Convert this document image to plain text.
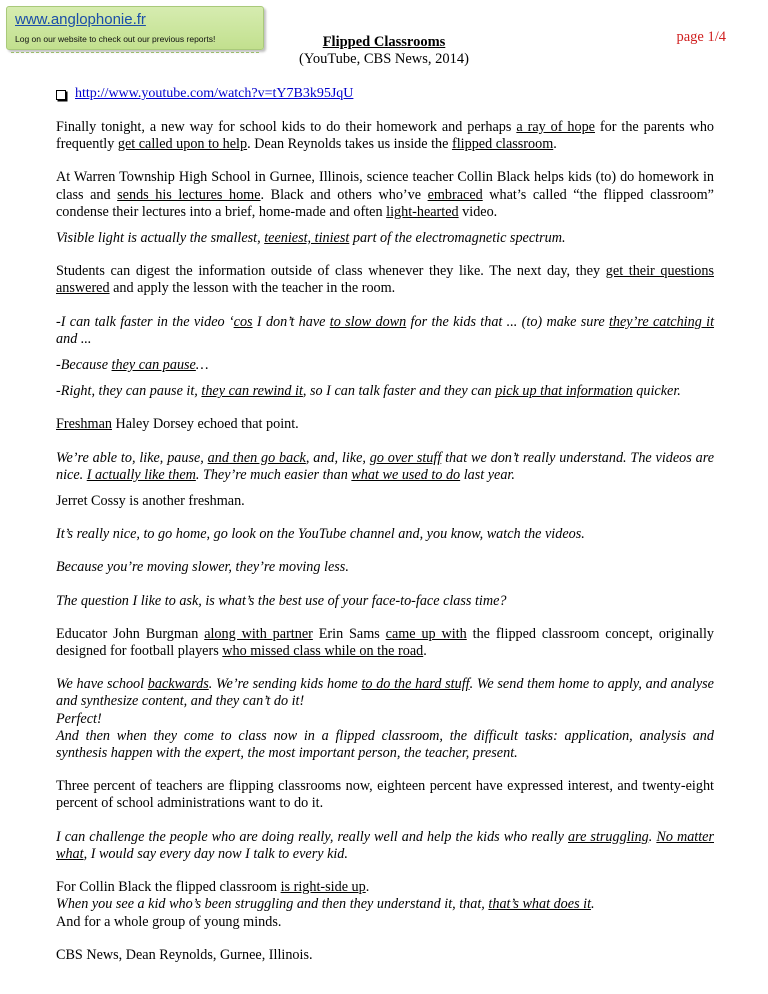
www.anglophonie.fr
Log on our website to check out our previous reports!	Flipped Classrooms
(YouTube, CBS News, 2014)
page 1/4
http://www.youtube.com/watch?v=tY7B3k95JqU

Finally tonight, a new way for school kids to do their homework and perhaps a ray of hope for the parents who frequently get called upon to help. Dean Reynolds takes us inside the flipped classroom.

At Warren Township High School in Gurnee, Illinois, science teacher Collin Black helps kids (to) do homework in class and sends his lectures home. Black and others who’ve embraced what’s called “the flipped classroom” condense their lectures into a brief, home-made and often light-hearted video.

Visible light is actually the smallest, teeniest, tiniest part of the electromagnetic spectrum.

Students can digest the information outside of class whenever they like. The next day, they get their questions answered and apply the lesson with the teacher in the room.

-I can talk faster in the video ‘cos I don’t have to slow down for the kids that ... (to) make sure they’re catching it and ...

-Because they can pause…

-Right, they can pause it, they can rewind it, so I can talk faster and they can pick up that information quicker.

Freshman Haley Dorsey echoed that point.

We’re able to, like, pause, and then go back, and, like, go over stuff that we don’t really understand. The videos are nice. I actually like them. They’re much easier than what we used to do last year.

Jerret Cossy is another freshman.

It’s really nice, to go home, go look on the YouTube channel and, you know, watch the videos.

Because you’re moving slower, they’re moving less.

The question I like to ask, is what’s the best use of your face-to-face class time?

Educator John Burgman along with partner Erin Sams came up with the flipped classroom concept, originally designed for football players who missed class while on the road.

We have school backwards. We’re sending kids home to do the hard stuff. We send them home to apply, and analyse and synthesize content, and they can’t do it!
Perfect!
And then when they come to class now in a flipped classroom, the difficult tasks: application, analysis and synthesis happen with the expert, the most important person, the teacher, present.

Three percent of teachers are flipping classrooms now, eighteen percent have expressed interest, and twenty-eight percent of school administrations want to do it.

I can challenge the people who are doing really, really well and help the kids who really are struggling. No matter what, I would say every day now I talk to every kid.

For Collin Black the flipped classroom is right-side up.
When you see a kid who’s been struggling and then they understand it, that, that’s what does it.
And for a whole group of young minds.

CBS News, Dean Reynolds, Gurnee, Illinois.
